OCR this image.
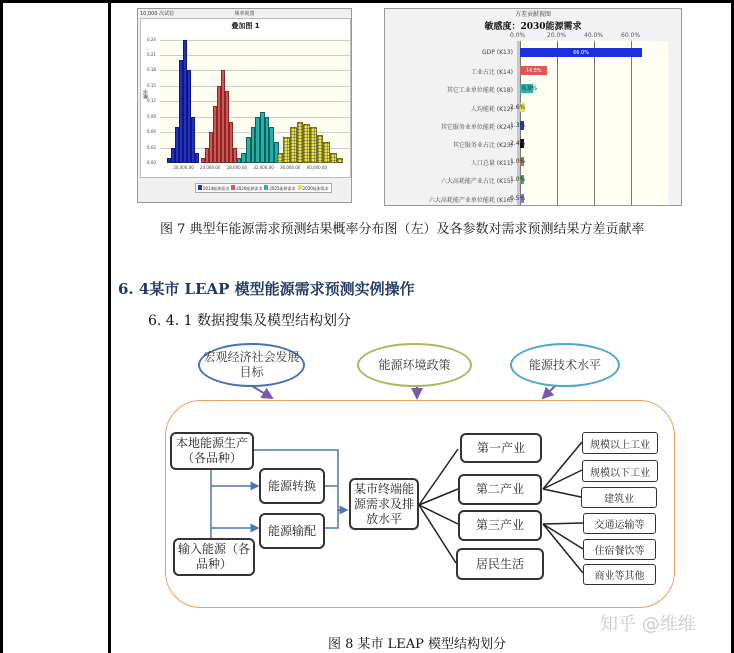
10,000 次试验	频率视图
叠加图 1
概率
0.24
0.21
0.18
0.15
0.12
0.09
0.06
0.03
0.00
20,000.00 24,000.00 28,000.00 32,000.00 36,000.00 40,000.00
2014能源需求	2020能源需求	2025能源需求	2030能源需求
方差贡献视图
敏感度：2030能源需求
0.0%	20.0%	40.0%	60.0%
GDP (K13)	66.0%
工业占比 (K14)	14.8%
其它工业单位能耗 (K18) 6.9%
人均能耗 (K12)
2.6%
其它服务业单位能耗 (K24)
1.3%
其它服务业占比 (K23)
2.4%
人口总量 (K11)
1.0%
六大高耗能产业占比 (K15)
1.0%
六大高耗能产业单位能耗 (K16)
0.5%
图 7 典型年能源需求预测结果概率分布图（左）及各参数对需求预测结果方差贡献率
6. 4某市 LEAP 模型能源需求预测实例操作
6. 4. 1 数据搜集及模型结构划分
宏观经济社会发展目标
能源环境政策	能源技术水平
本地能源生产（各品种）
输入能源（各品种）
能源转换
能源输配
某市终端能源需求及排放水平
第一产业
第二产业
第三产业
居民生活
规模以上工业
规模以下工业
建筑业
交通运输等
住宿餐饮等
商业等其他
知乎 @维维
图 8 某市 LEAP 模型结构划分
